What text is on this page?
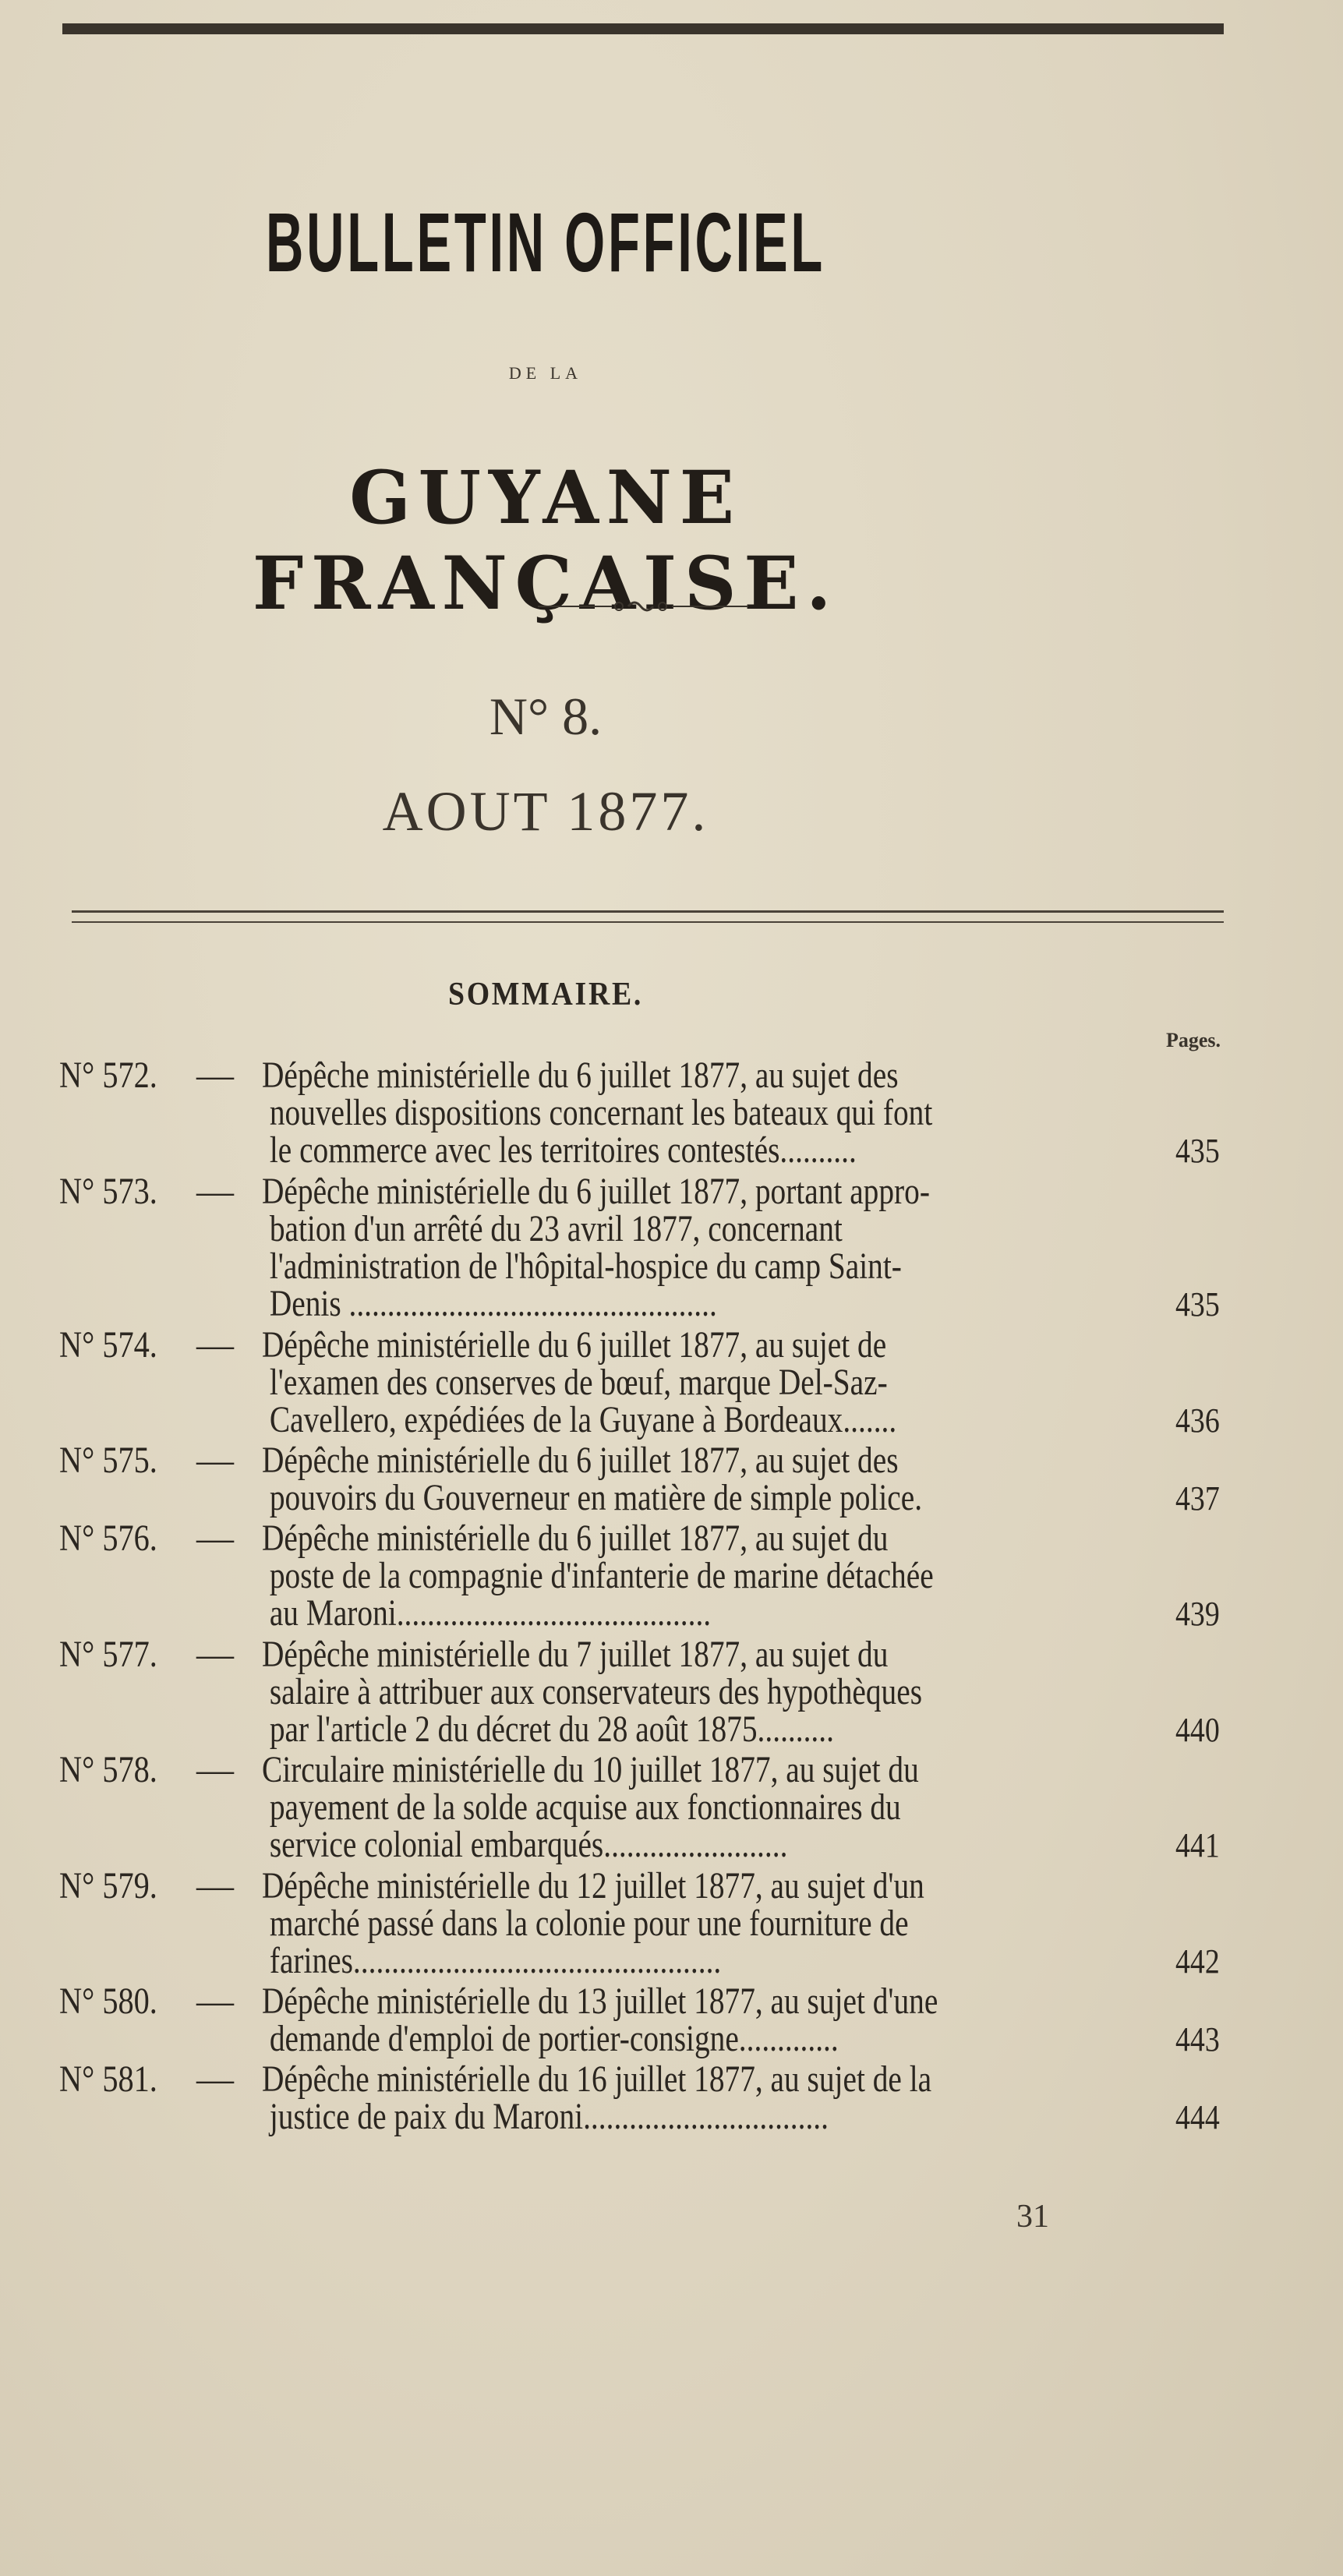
BULLETIN OFFICIEL
DE LA
GUYANE FRANÇAISE.
N° 8.
AOUT 1877.
SOMMAIRE.
Pages.
N° 572. — Dépêche ministérielle du 6 juillet 1877, au sujet des
nouvelles dispositions concernant les bateaux qui font
le commerce avec les territoires contestés..........	435
N° 573. — Dépêche ministérielle du 6 juillet 1877, portant appro-
bation d'un arrêté du 23 avril 1877, concernant
l'administration de l'hôpital-hospice du camp Saint-
Denis ................................................	435
N° 574. — Dépêche ministérielle du 6 juillet 1877, au sujet de
l'examen des conserves de bœuf, marque Del-Saz-
Cavellero, expédiées de la Guyane à Bordeaux.......	436
N° 575. — Dépêche ministérielle du 6 juillet 1877, au sujet des
pouvoirs du Gouverneur en matière de simple police.	437
N° 576. — Dépêche ministérielle du 6 juillet 1877, au sujet du
poste de la compagnie d'infanterie de marine détachée
au Maroni.........................................	439
N° 577. — Dépêche ministérielle du 7 juillet 1877, au sujet du
salaire à attribuer aux conservateurs des hypothèques
par l'article 2 du décret du 28 août 1875..........	440
N° 578. — Circulaire ministérielle du 10 juillet 1877, au sujet du
payement de la solde acquise aux fonctionnaires du
service colonial embarqués........................	441
N° 579. — Dépêche ministérielle du 12 juillet 1877, au sujet d'un
marché passé dans la colonie pour une fourniture de
farines................................................	442
N° 580. — Dépêche ministérielle du 13 juillet 1877, au sujet d'une
demande d'emploi de portier-consigne.............	443
N° 581. — Dépêche ministérielle du 16 juillet 1877, au sujet de la
justice de paix du Maroni................................	444
31
